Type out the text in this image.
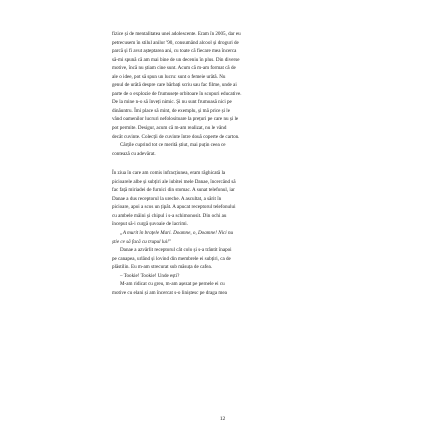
fizice și de mentalitatea unei adolescente. Eram în 2005, dar eu

petrecusem în stilul anilor '90, consumând alcool și droguri de

parcă și fi avut așteptarea ani, cu toate că fiecare mea încerca

să-mi spună că am mai bine de un deceniu în plus. Din diverse

motive, încă nu știam cine sunt. Acum că m-am format că de

ale o idee, pot să spun un lucru: sunt o femeie urâtă. Nu

genul de urâtă despre care bărbați scriu sau fac filme, unde ai

parte de o explozie de frumusețe orbitoare în scopuri educative.

De la mine n-o să înveți nimic. Și nu sunt frumoasă nici pe

dinăuntru. Îmi place să mint, de exemplu, și mă price și le

vând oamenilor lucruri nefolositoare la prețuri pe care nu și le

pot permite. Desigur, acum că m-am realizat, nu le vând

decât cuvinte. Colecții de cuvinte între două coperte de carton.

Cărțile cuprind tot ce merită știut, mai puțin ceea ce

contează cu adevărat.

În ziua în care am comis infracțiunea, eram răghicată la

picioarele albe și subțiri ale iubitei mele Danae, încercând să

fac față miriadei de furnici din stomac. A sunat telefonul, iar

Danae a dus receptorul la ureche. A ascultat, a sărit în

picioare, apoi a scos un țipăt. A apucat receptorul telefonului

cu ambele mâini și chipul i s-a schimonosit. Din ochi au

început să-i curgă șuvoaie de lacrimi.

„A murit în brațele Mari. Doamne, o, Doamne! Nici nu

știe ce să facă cu trupul lui!"

Danae a azvârlit receptorul cât colo și s-a trântit înapoi

pe canapea, urlând și lovind din membrele ei subțiri, ca de

plăstilin. Eu m-am strecurat sub măsuța de cafea.

– Tookie! Tookie! Unde ești?

M-am ridicat cu greu, m-am așezat pe pernele ei cu

motive cu elani și am încercat s-o liniștesc pe draga mea

12
